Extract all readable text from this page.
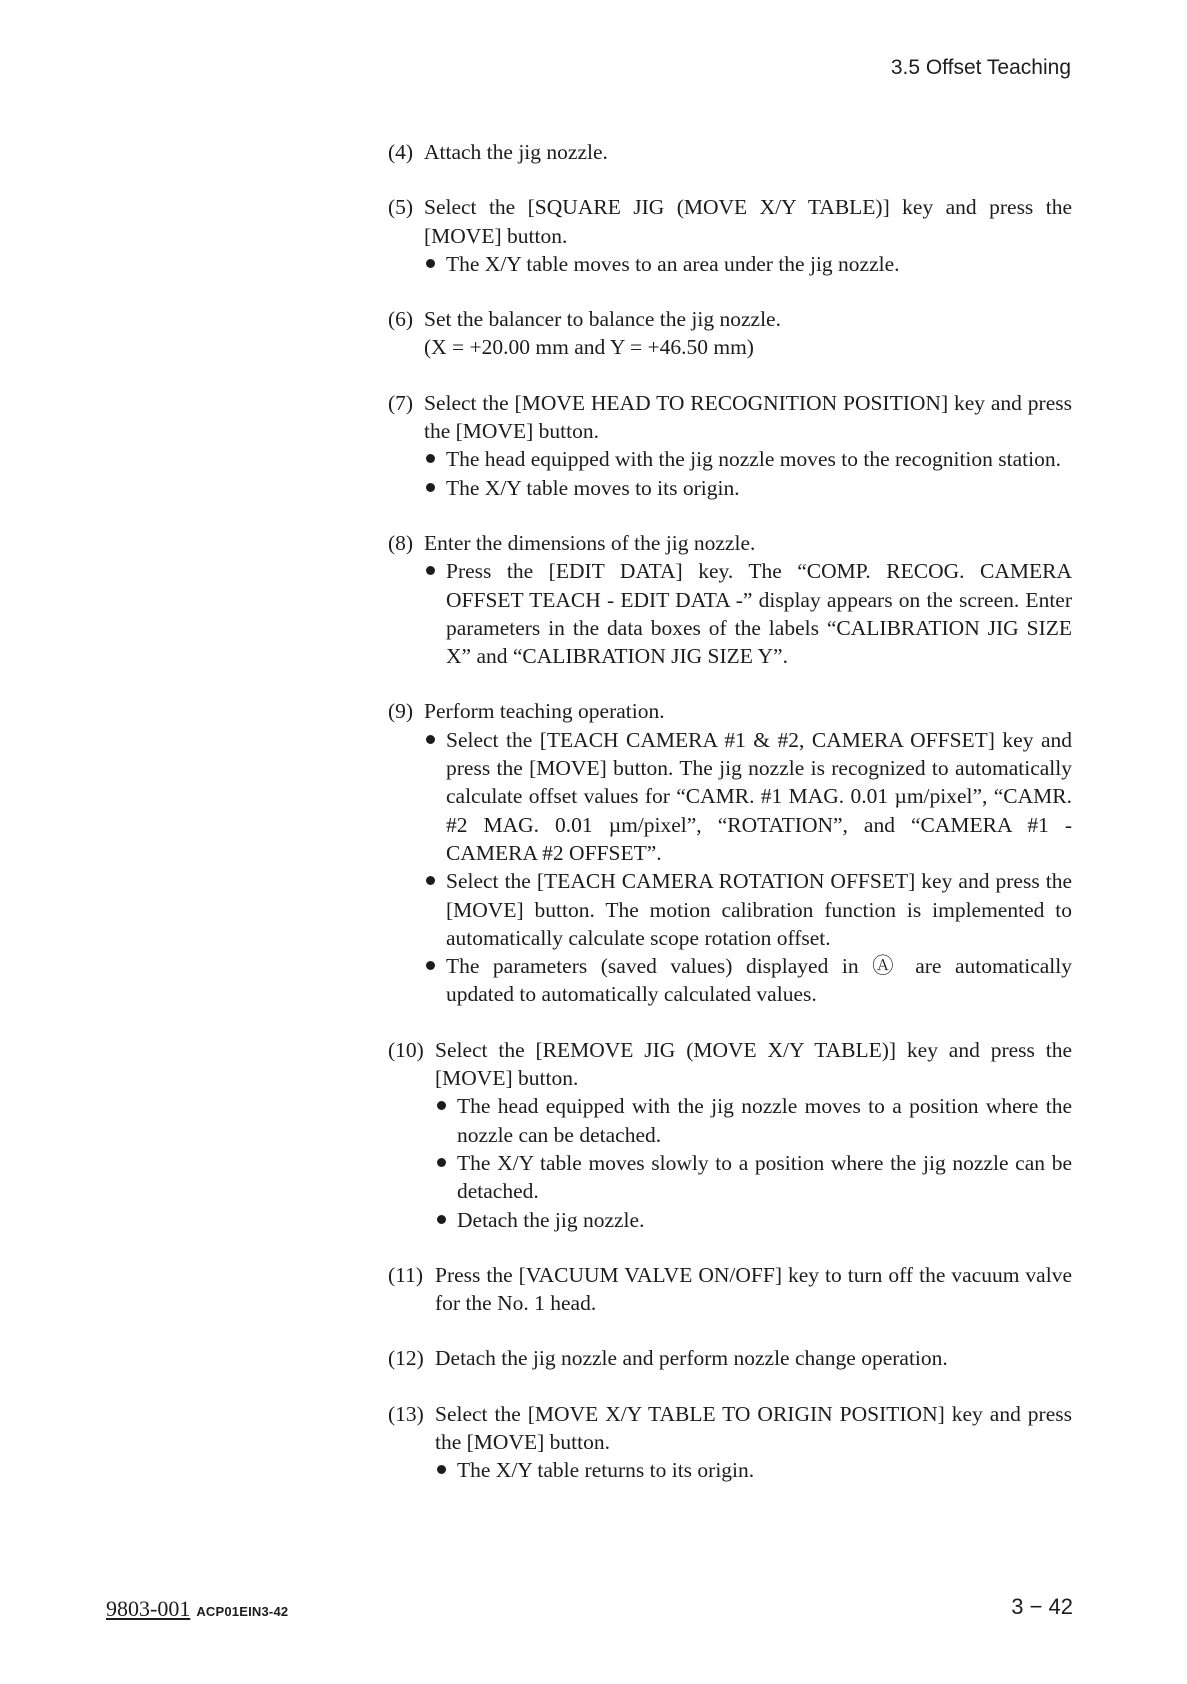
3.5 Offset Teaching
(4) Attach the jig nozzle.
(5) Select the [SQUARE JIG (MOVE X/Y TABLE)] key and press the [MOVE] button.
The X/Y table moves to an area under the jig nozzle.
(6) Set the balancer to balance the jig nozzle.
(X = +20.00 mm and Y = +46.50 mm)
(7) Select the [MOVE HEAD TO RECOGNITION POSITION] key and press the [MOVE] button.
The head equipped with the jig nozzle moves to the recognition station.
The X/Y table moves to its origin.
(8) Enter the dimensions of the jig nozzle.
Press the [EDIT DATA] key. The “COMP. RECOG. CAMERA OFFSET TEACH - EDIT DATA -” display appears on the screen. Enter parameters in the data boxes of the labels “CALIBRATION JIG SIZE X” and “CALIBRATION JIG SIZE Y”.
(9) Perform teaching operation.
Select the [TEACH CAMERA #1 & #2, CAMERA OFFSET] key and press the [MOVE] button. The jig nozzle is recognized to automatically calculate offset values for “CAMR. #1 MAG. 0.01 µm/pixel”, “CAMR. #2 MAG. 0.01 µm/pixel”, “ROTATION”, and “CAMERA #1 - CAMERA #2 OFFSET”.
Select the [TEACH CAMERA ROTATION OFFSET] key and press the [MOVE] button. The motion calibration function is implemented to automatically calculate scope rotation offset.
The parameters (saved values) displayed in Ⓐ are automatically updated to automatically calculated values.
(10) Select the [REMOVE JIG (MOVE X/Y TABLE)] key and press the [MOVE] button.
The head equipped with the jig nozzle moves to a position where the nozzle can be detached.
The X/Y table moves slowly to a position where the jig nozzle can be detached.
Detach the jig nozzle.
(11) Press the [VACUUM VALVE ON/OFF] key to turn off the vacuum valve for the No. 1 head.
(12) Detach the jig nozzle and perform nozzle change operation.
(13) Select the [MOVE X/Y TABLE TO ORIGIN POSITION] key and press the [MOVE] button.
The X/Y table returns to its origin.
9803-001 ACP01EIN3-42	3 − 42
